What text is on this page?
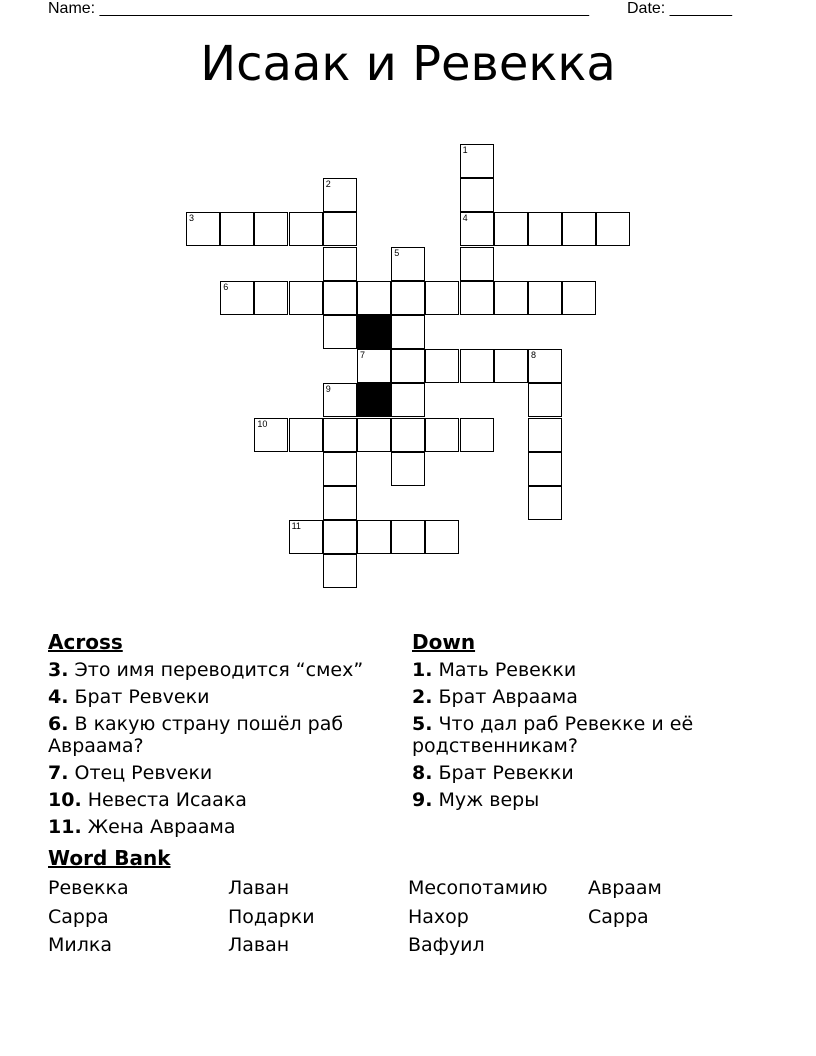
Name: _______________________________________________________ Date: _______
Исаак и Ревекка
1
2
3	4
5
6
7	8
9
10
11
Across
3. Это имя переводится “смех”
4. Брат Ревveки
6. В какую страну пошёл раб Авраама?
7. Отец Ревveки
10. Невеста Исаака
11. Жена Авраама
Down
1. Мать Ревекки
2. Брат Авраама
5. Что дал раб Ревекке и её родственникам?
8. Брат Ревекки
9. Муж веры
Word Bank
Ревекка	Лаван	Месопотамию	Авраам
Сарра	Подарки	Нахор	Сарра
Милка	Лаван	Вафуил
